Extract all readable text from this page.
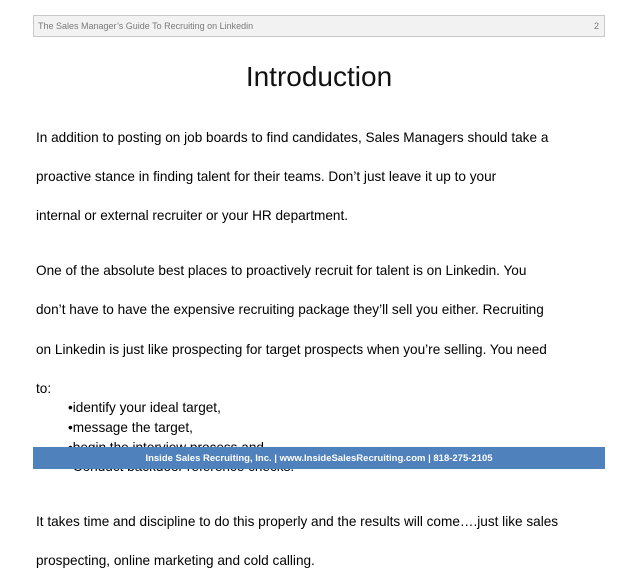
The Sales Manager’s Guide To Recruiting on Linkedin	2
Introduction

In addition to posting on job boards to find candidates, Sales Managers should take a

proactive stance in finding talent for their teams. Don’t just leave it up to your

internal or external recruiter or your HR department.

One of the absolute best places to proactively recruit for talent is on Linkedin. You

don’t have to have the expensive recruiting package they’ll sell you either. Recruiting

on Linkedin is just like prospecting for target prospects when you’re selling. You need

to:

•identify your ideal target,
•message the target,

It takes time and discipline to do this properly and the results will come….just like sales

prospecting, online marketing and cold calling.

Inside Sales Recruiting, Inc. | www.InsideSalesRecruiting.com | 818-275-2105
